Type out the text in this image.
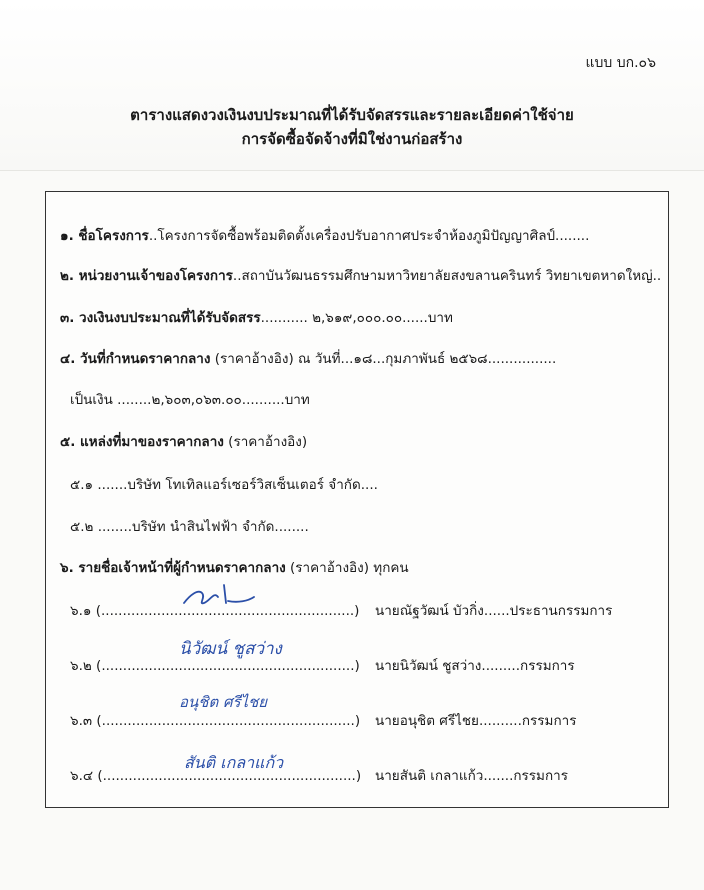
แบบ บก.๐๖
ตารางแสดงวงเงินงบประมาณที่ได้รับจัดสรรและรายละเอียดค่าใช้จ่าย
การจัดซื้อจัดจ้างที่มิใช่งานก่อสร้าง
๑. ชื่อโครงการ..โครงการจัดซื้อพร้อมติดตั้งเครื่องปรับอากาศประจำห้องภูมิปัญญาศิลป์........
๒. หน่วยงานเจ้าของโครงการ..สถาบันวัฒนธรรมศึกษามหาวิทยาลัยสงขลานครินทร์ วิทยาเขตหาดใหญ่..
๓. วงเงินงบประมาณที่ได้รับจัดสรร........... ๒,๖๑๙,๐๐๐.๐๐......บาท
๔. วันที่กำหนดราคากลาง (ราคาอ้างอิง) ณ วันที่...๑๘...กุมภาพันธ์ ๒๕๖๘................
เป็นเงิน ........๒,๖๐๓,๐๖๓.๐๐..........บาท
๕. แหล่งที่มาของราคากลาง (ราคาอ้างอิง)
๕.๑ .......บริษัท โทเทิลแอร์เซอร์วิสเซ็นเตอร์ จำกัด....
๕.๒ ........บริษัท นำสินไฟฟ้า จำกัด........
๖. รายชื่อเจ้าหน้าที่ผู้กำหนดราคากลาง (ราคาอ้างอิง) ทุกคน
๖.๑ (...........................................................) นายณัฐวัฒน์ บัวกิ่ง......ประธานกรรมการ
๖.๒ (...........................................................)
นิวัฒน์ ชูสว่าง
นายนิวัฒน์ ชูสว่าง.........กรรมการ
๖.๓ (...........................................................)
อนุชิต ศรีไชย
นายอนุชิต ศรีไชย..........กรรมการ
๖.๔ (...........................................................)
สันติ เกลาแก้ว
นายสันติ เกลาแก้ว.......กรรมการ
